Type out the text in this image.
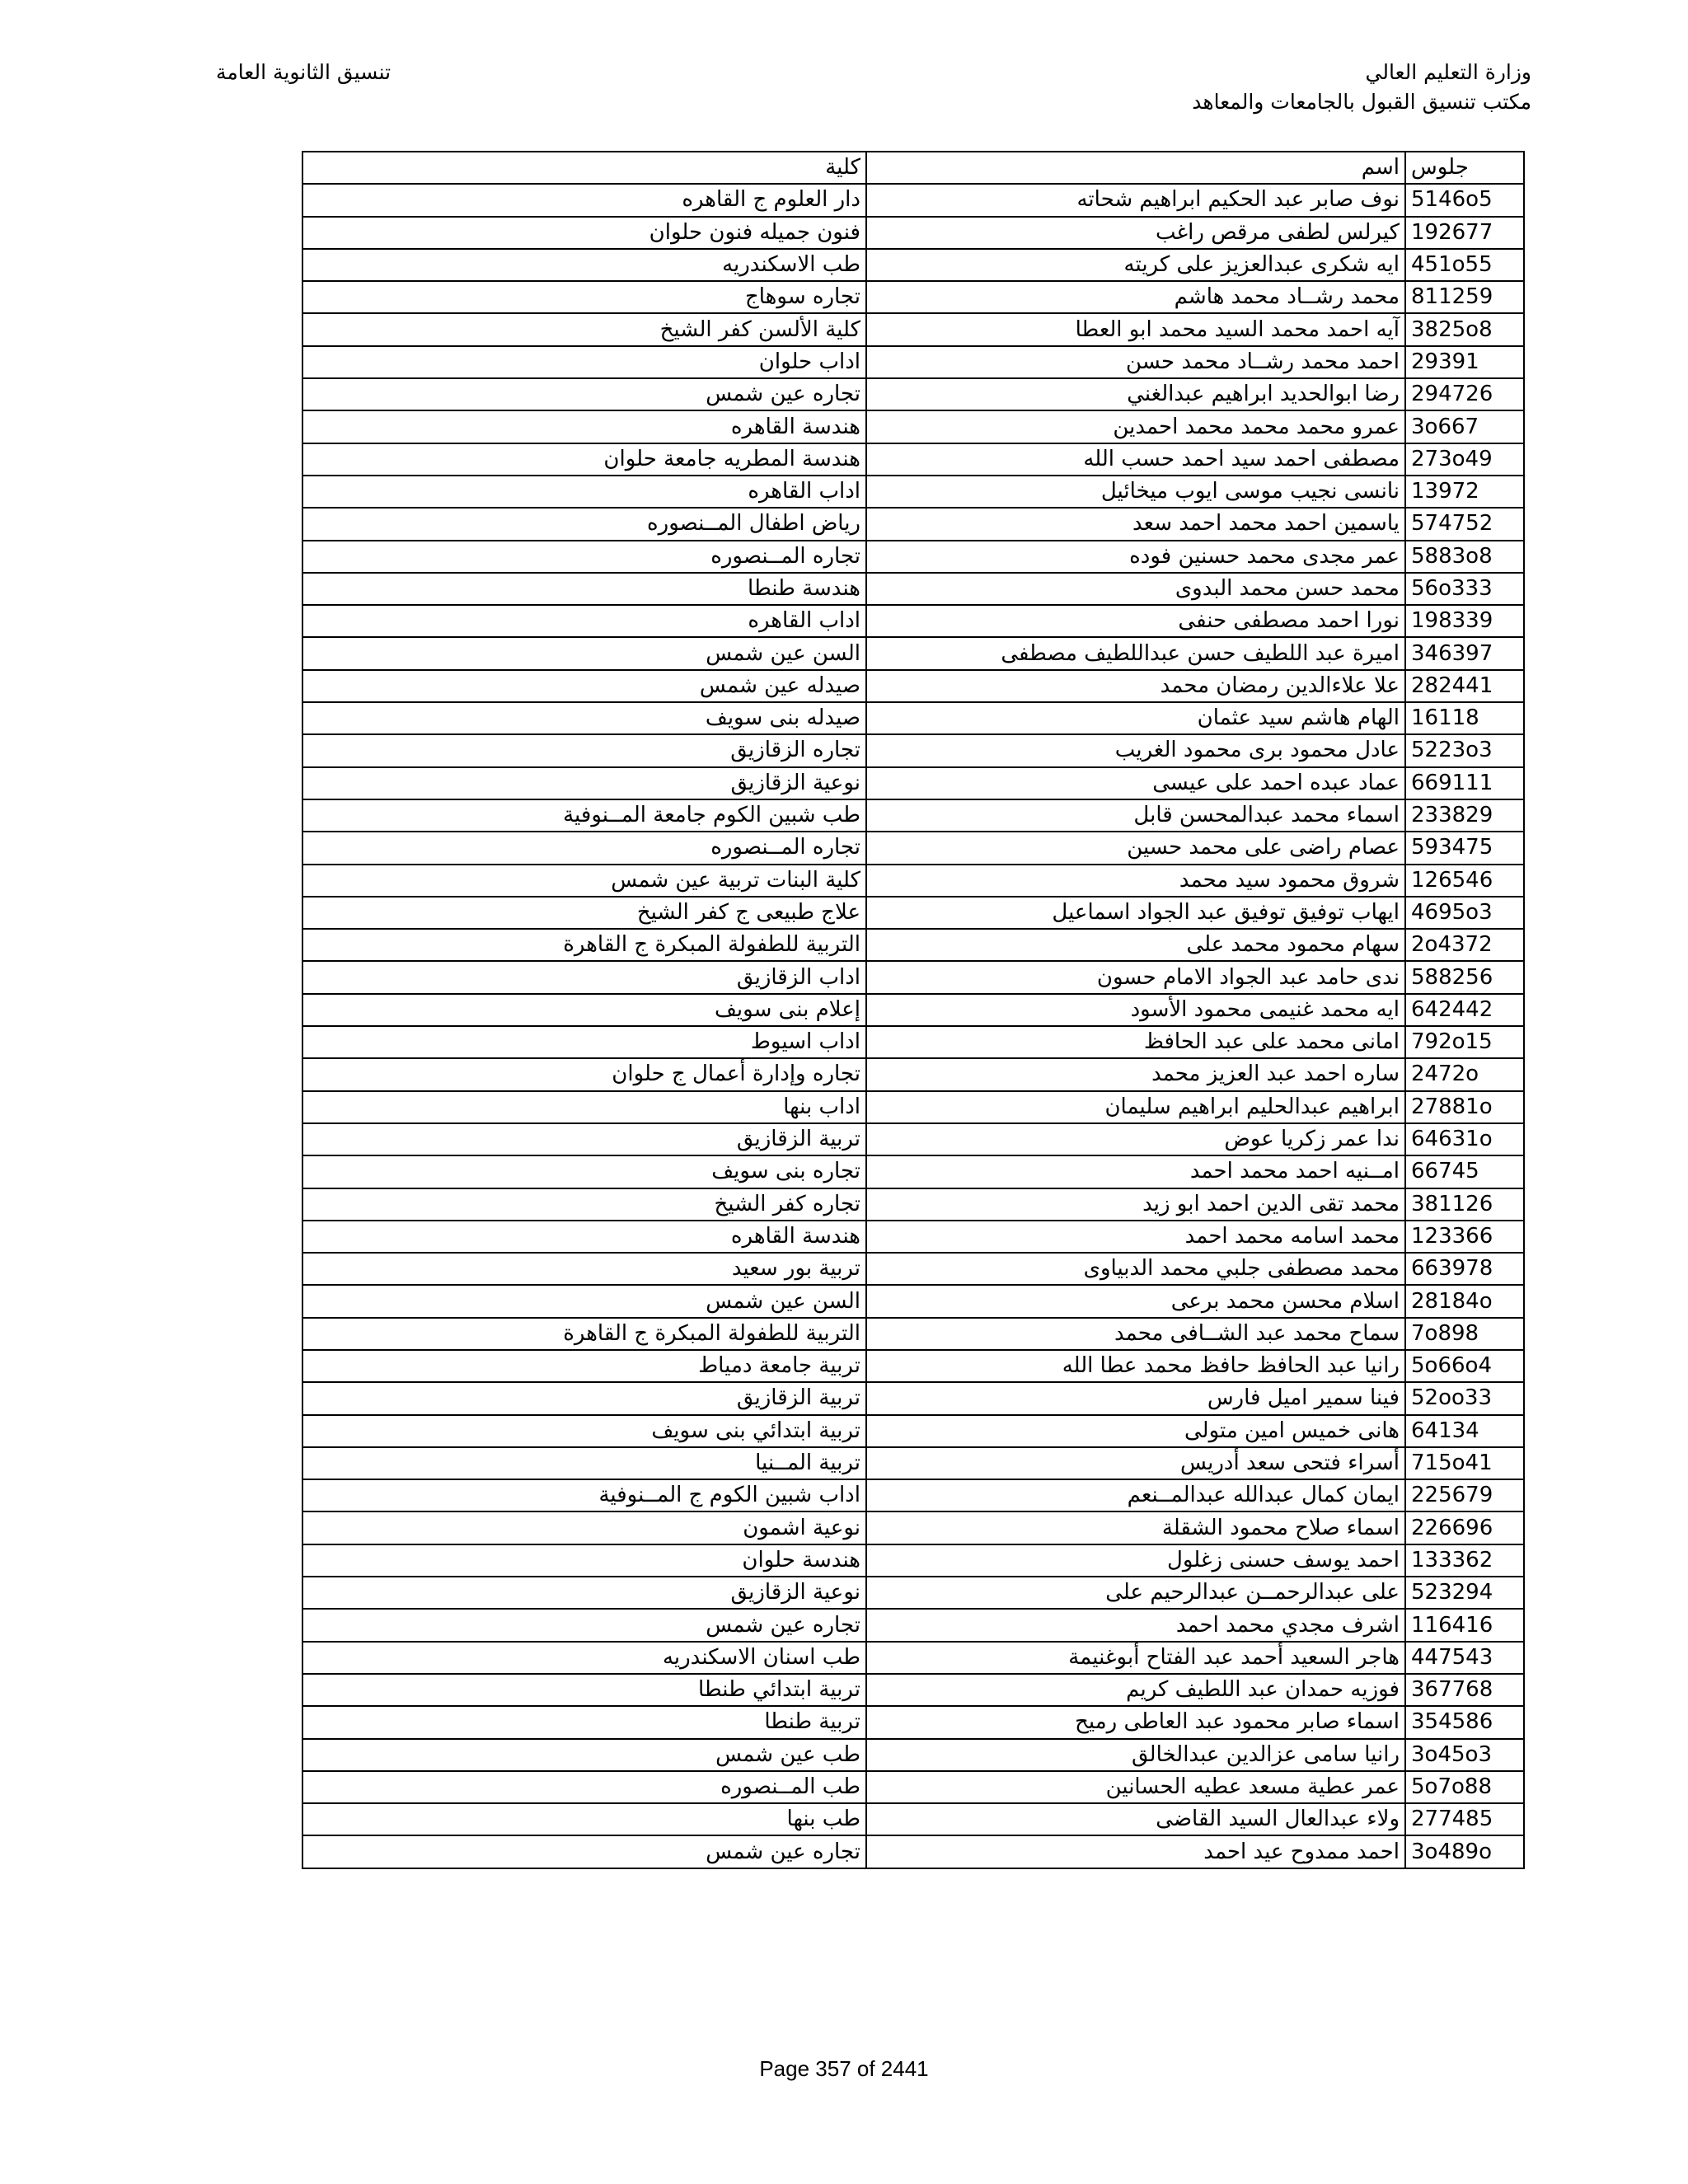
وزارة التعليم العالي
مكتب تنسيق القبول بالجامعات والمعاهد
تنسيق الثانوية العامة
جلوس	اسم	كلية
5146o5	نوف صابر عبد الحكيم ابراهيم شحاته	دار العلوم ج القاهره
192677	كيرلس لطفى مرقص راغب	فنون جميله فنون حلوان
451o55	ايه شكرى عبدالعزيز على كريته	طب الاسكندريه
811259	محمد رشــاد محمد هاشم	تجاره سوهاج
3825o8	آيه احمد محمد السيد محمد ابو العطا	كلية الألسن كفر الشيخ
29391	احمد محمد رشــاد محمد حسن	اداب حلوان
294726	رضا ابوالحديد ابراهيم عبدالغني	تجاره عين شمس
3o667	عمرو محمد محمد محمد احمدين	هندسة القاهره
273o49	مصطفى احمد سيد احمد حسب الله	هندسة المطريه جامعة حلوان
13972	نانسى نجيب موسى ايوب ميخائيل	اداب القاهره
574752	ياسمين احمد محمد احمد سعد	رياض اطفال المــنصوره
5883o8	عمر مجدى محمد حسنين فوده	تجاره المــنصوره
56o333	محمد حسن محمد البدوى	هندسة طنطا
198339	نورا احمد مصطفى حنفى	اداب القاهره
346397	اميرة عبد اللطيف حسن عبداللطيف مصطفى	السن عين شمس
282441	علا علاءالدين رمضان محمد	صيدله عين شمس
16118	الهام هاشم سيد عثمان	صيدله بنى سويف
5223o3	عادل محمود برى محمود الغريب	تجاره الزقازيق
669111	عماد عبده احمد على عيسى	نوعية الزقازيق
233829	اسماء محمد عبدالمحسن قابل	طب شبين الكوم جامعة المــنوفية
593475	عصام راضى على محمد حسين	تجاره المــنصوره
126546	شروق محمود سيد محمد	كلية البنات تربية عين شمس
4695o3	ايهاب توفيق توفيق عبد الجواد اسماعيل	علاج طبيعى ج كفر الشيخ
2o4372	سهام محمود محمد على	التربية للطفولة المبكرة ج القاهرة
588256	ندى حامد عبد الجواد الامام حسون	اداب الزقازيق
642442	ايه محمد غنيمى محمود الأسود	إعلام بنى سويف
792o15	امانى محمد على عبد الحافظ	اداب اسيوط
2472o	ساره احمد عبد العزيز محمد	تجاره وإدارة أعمال ج حلوان
27881o	ابراهيم عبدالحليم ابراهيم سليمان	اداب بنها
64631o	ندا عمر زكريا عوض	تربية الزقازيق
66745	امــنيه احمد محمد احمد	تجاره بنى سويف
381126	محمد تقى الدين احمد ابو زيد	تجاره كفر الشيخ
123366	محمد اسامه محمد احمد	هندسة القاهره
663978	محمد مصطفى جلبي محمد الدبياوى	تربية بور سعيد
28184o	اسلام محسن محمد برعى	السن عين شمس
7o898	سماح محمد عبد الشــافى محمد	التربية للطفولة المبكرة ج القاهرة
5o66o4	رانيا عبد الحافظ حافظ محمد عطا الله	تربية جامعة دمياط
52oo33	فينا سمير اميل فارس	تربية الزقازيق
64134	هانى خميس امين متولى	تربية ابتدائي بنى سويف
715o41	أسراء فتحى سعد أدريس	تربية المــنيا
225679	ايمان كمال عبدالله عبدالمــنعم	اداب شبين الكوم ج المــنوفية
226696	اسماء صلاح محمود الشقلة	نوعية اشمون
133362	احمد يوسف حسنى زغلول	هندسة حلوان
523294	على عبدالرحمــن عبدالرحيم على	نوعية الزقازيق
116416	اشرف مجدي محمد احمد	تجاره عين شمس
447543	هاجر السعيد أحمد عبد الفتاح أبوغنيمة	طب اسنان الاسكندريه
367768	فوزيه حمدان عبد اللطيف كريم	تربية ابتدائي طنطا
354586	اسماء صابر محمود عبد العاطى رميح	تربية طنطا
3o45o3	رانيا سامى عزالدين عبدالخالق	طب عين شمس
5o7o88	عمر عطية مسعد عطيه الحسانين	طب المــنصوره
277485	ولاء عبدالعال السيد القاضى	طب بنها
3o489o	احمد ممدوح عيد احمد	تجاره عين شمس
Page 357 of 2441
